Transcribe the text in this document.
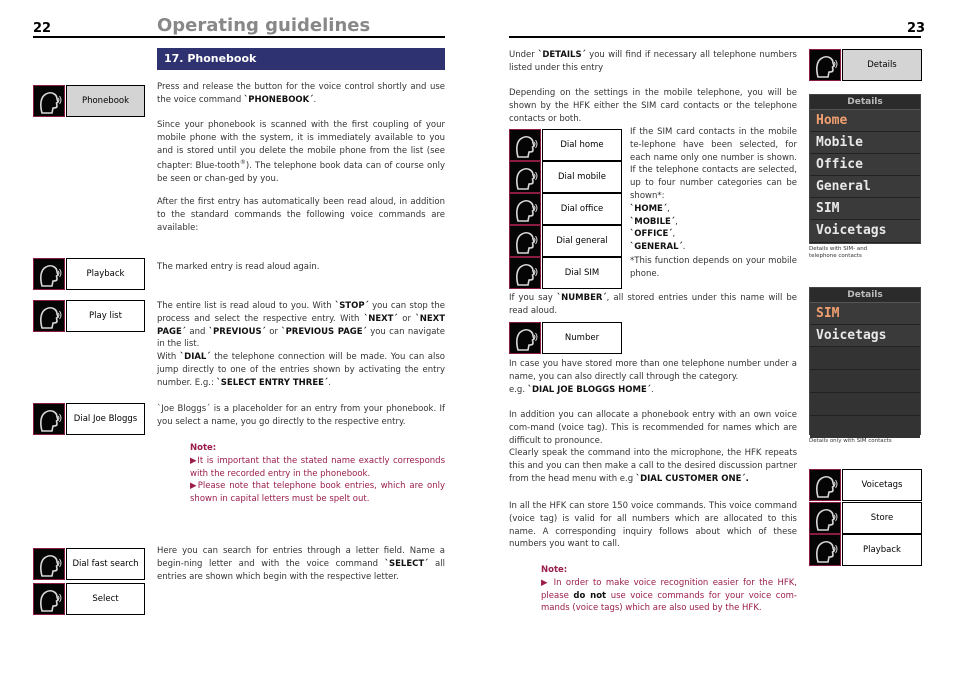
22	Operating guidelines	23
17. Phonebook
Phonebook
Playback
Play list
Dial Joe Bloggs
Dial fast search
Select
Press and release the button for the voice control shortly and use the voice command `PHONEBOOK´.
Since your phonebook is scanned with the first coupling of your mobile phone with the system, it is immediately available to you and is stored until you delete the mobile phone from the list (see chapter: Blue-tooth®). The telephone book data can of course only be seen or chan-ged by you.
After the first entry has automatically been read aloud, in addition to the standard commands the following voice commands are available:
The marked entry is read aloud again.
The entire list is read aloud to you. With `STOP´ you can stop the process and select the respective entry. With `NEXT´ or `NEXT PAGE´ and `PREVIOUS´ or `PREVIOUS PAGE´ you can navigate in the list.
With `DIAL´ the telephone connection will be made. You can also jump directly to one of the entries shown by activating the entry number. E.g.: `SELECT ENTRY THREE´.
`Joe Bloggs´ is a placeholder for an entry from your phonebook. If you select a name, you go directly to the respective entry.
Note:
▶It is important that the stated name exactly corresponds with the recorded entry in the phonebook.
▶Please note that telephone book entries, which are only shown in capital letters must be spelt out.
Here you can search for entries through a letter field. Name a begin-ning letter and with the voice command `SELECT´ all entries are shown which begin with the respective letter.
Under `DETAILS´ you will find if necessary all telephone numbers listed under this entry
Depending on the settings in the mobile telephone, you will be shown by the HFK either the SIM card contacts or the telephone contacts or both.
If the SIM card contacts in the mobile te-lephone have been selected, for each name only one number is shown. If the telephone contacts are selected, up to four number categories can be shown*:
`HOME´,
`MOBILE´,
`OFFICE´,
`GENERAL´.
*This function depends on your mobile phone.
Dial home
Dial mobile
Dial office
Dial general
Dial SIM
If you say `NUMBER´, all stored entries under this name will be read aloud.
Number
In case you have stored more than one telephone number under a name, you can also directly call through the category.
e.g. `DIAL JOE BLOGGS HOME´.
In addition you can allocate a phonebook entry with an own voice com-mand (voice tag). This is recommended for names which are difficult to pronounce.
Clearly speak the command into the microphone, the HFK repeats this and you can then make a call to the desired discussion partner from the head menu with e.g `DIAL CUSTOMER ONE´.
In all the HFK can store 150 voice commands. This voice command (voice tag) is valid for all numbers which are allocated to this name. A corresponding inquiry follows about which of these numbers you want to call.
Note:
▶ In order to make voice recognition easier for the HFK, please do not use voice commands for your voice com-mands (voice tags) which are also used by the HFK.
Details
Details
Home
Mobile
Office
General
SIM
Voicetags
Details with SIM- and telephone contacts
Details
SIM
Voicetags
Details only with SIM contacts
Voicetags
Store
Playback
